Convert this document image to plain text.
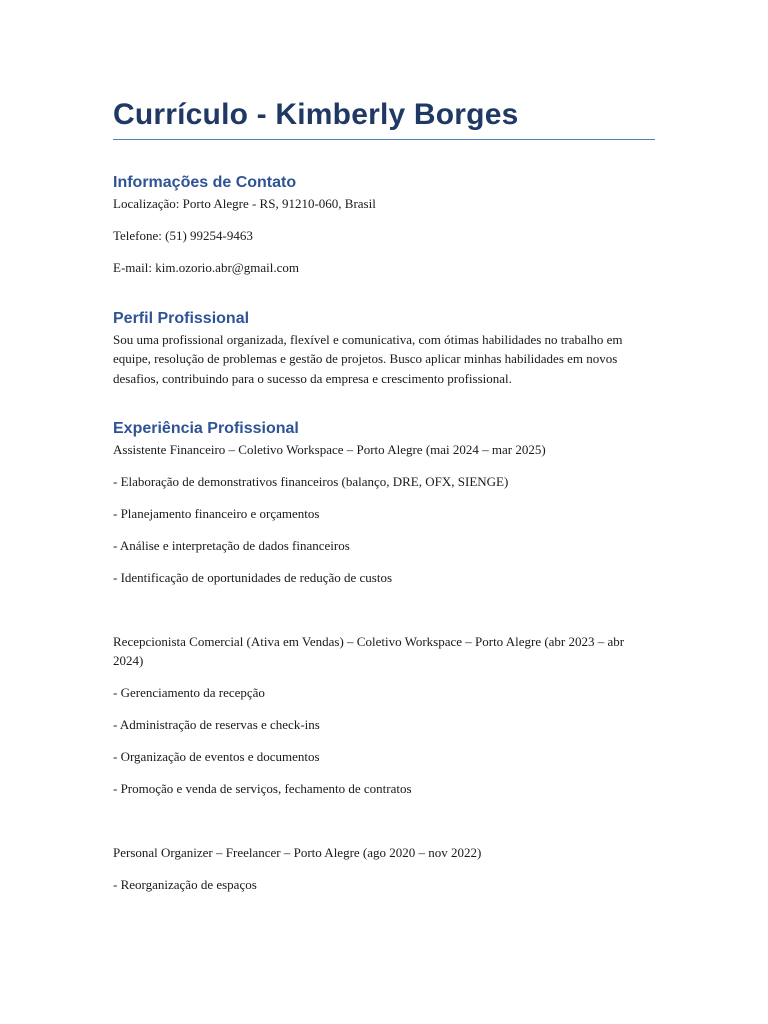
Currículo - Kimberly Borges
Informações de Contato

Localização: Porto Alegre - RS, 91210-060, Brasil

Telefone: (51) 99254-9463

E-mail: kim.ozorio.abr@gmail.com

Perfil Profissional

Sou uma profissional organizada, flexível e comunicativa, com ótimas habilidades no trabalho em equipe, resolução de problemas e gestão de projetos. Busco aplicar minhas habilidades em novos desafios, contribuindo para o sucesso da empresa e crescimento profissional.

Experiência Profissional

Assistente Financeiro – Coletivo Workspace – Porto Alegre (mai 2024 – mar 2025)

- Elaboração de demonstrativos financeiros (balanço, DRE, OFX, SIENGE)

- Planejamento financeiro e orçamentos

- Análise e interpretação de dados financeiros

- Identificação de oportunidades de redução de custos

Recepcionista Comercial (Ativa em Vendas) – Coletivo Workspace – Porto Alegre (abr 2023 – abr 2024)

- Gerenciamento da recepção

- Administração de reservas e check-ins

- Organização de eventos e documentos

- Promoção e venda de serviços, fechamento de contratos

Personal Organizer – Freelancer – Porto Alegre (ago 2020 – nov 2022)

- Reorganização de espaços
